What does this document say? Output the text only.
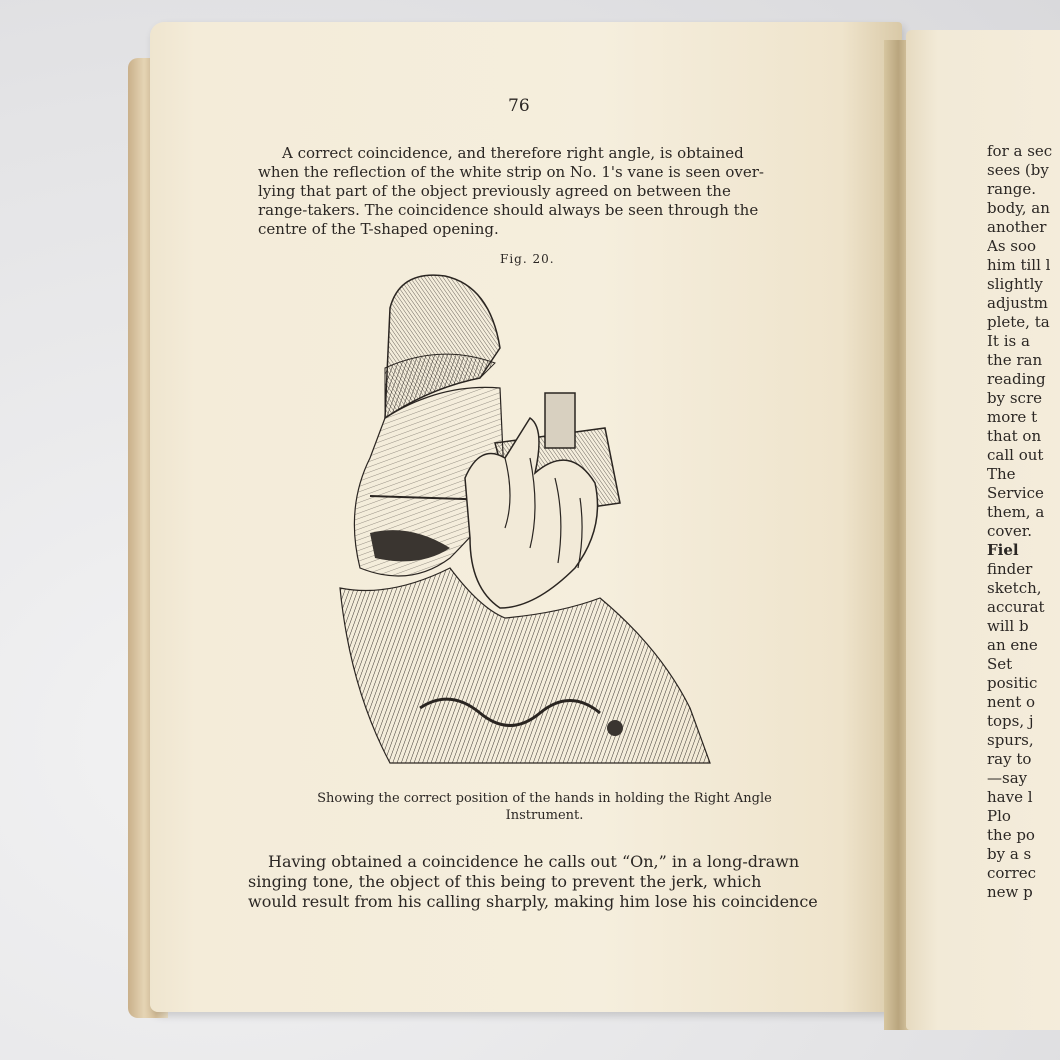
76
A correct coincidence, and therefore right angle, is obtained
when the reflection of the white strip on No. 1's vane is seen over-
lying that part of the object previously agreed on between the
range-takers. The coincidence should always be seen through the
centre of the T-shaped opening.
Fig. 20.
Showing the correct position of the hands in holding the Right Angle
Instrument.
Having obtained a coincidence he calls out “On,” in a long-drawn
singing tone, the object of this being to prevent the jerk, which
would result from his calling sharply, making him lose his coincidence
for a sec
sees (by
range.
body, an
another
As soo
him till l
slightly
adjustm
plete, ta
It is a
the ran
reading
by scre
more t
that on
call out
The
Service
them, a
cover.
Fiel
finder
sketch,
accurat
will b
an ene
Set
positic
nent o
tops, j
spurs,
ray to
—say
have l
Plo
the po
by a s
correc
new p
